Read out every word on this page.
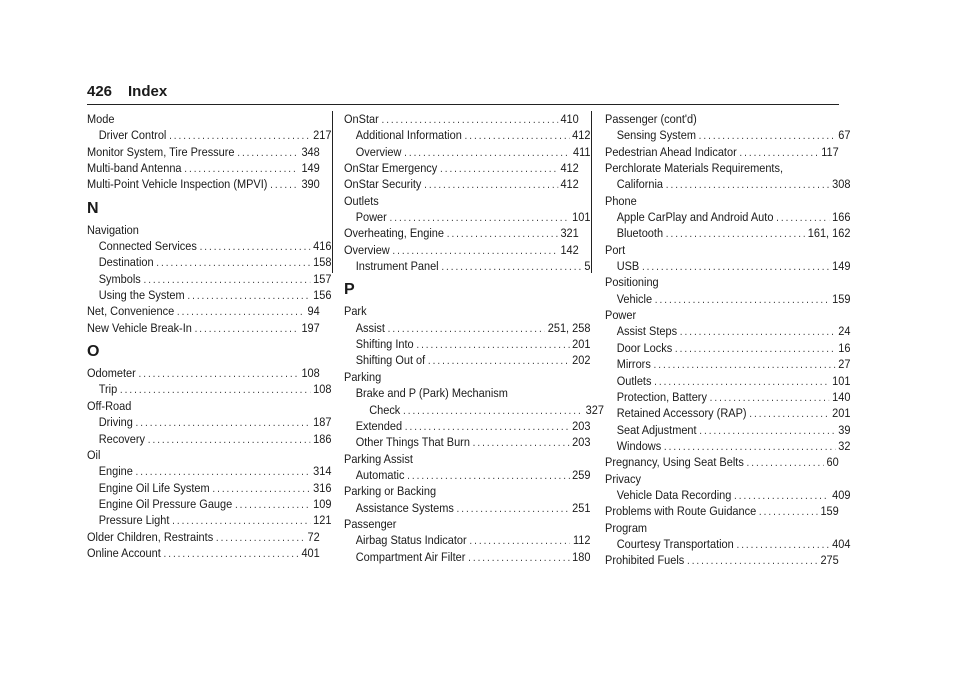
426 Index
Mode
Driver Control .....	217
Monitor System, Tire Pressure .....	348
Multi-band Antenna .....	149
Multi-Point Vehicle Inspection (MPVI) .....	390
N
Navigation
Connected Services .....	416
Destination .....	158
Symbols .....	157
Using the System .....	156
Net, Convenience .....	94
New Vehicle Break-In .....	197
O
Odometer .....	108
Trip .....	108
Off-Road
Driving .....	187
Recovery .....	186
Oil
Engine .....	314
Engine Oil Life System .....	316
Engine Oil Pressure Gauge .....	109
Pressure Light .....	121
Older Children, Restraints .....	72
Online Account .....	401
OnStar .....	410
Additional Information .....	412
Overview .....	411
OnStar Emergency .....	412
OnStar Security .....	412
Outlets
Power .....	101
Overheating, Engine .....	321
Overview .....	142
Instrument Panel .....	5
P
Park
Assist .....	251, 258
Shifting Into .....	201
Shifting Out of .....	202
Parking
Brake and P (Park) Mechanism
Check .....	327
Extended .....	203
Other Things That Burn .....	203
Parking Assist
Automatic .....	259
Parking or Backing
Assistance Systems .....	251
Passenger
Airbag Status Indicator .....	112
Compartment Air Filter .....	180
Passenger (cont'd)
Sensing System .....	67
Pedestrian Ahead Indicator .....	117
Perchlorate Materials Requirements,
California .....	308
Phone
Apple CarPlay and Android Auto .....	166
Bluetooth .....	161, 162
Port
USB .....	149
Positioning
Vehicle .....	159
Power
Assist Steps .....	24
Door Locks .....	16
Mirrors .....	27
Outlets .....	101
Protection, Battery .....	140
Retained Accessory (RAP) .....	201
Seat Adjustment .....	39
Windows .....	32
Pregnancy, Using Seat Belts .....	60
Privacy
Vehicle Data Recording .....	409
Problems with Route Guidance .....	159
Program
Courtesy Transportation .....	404
Prohibited Fuels .....	275
